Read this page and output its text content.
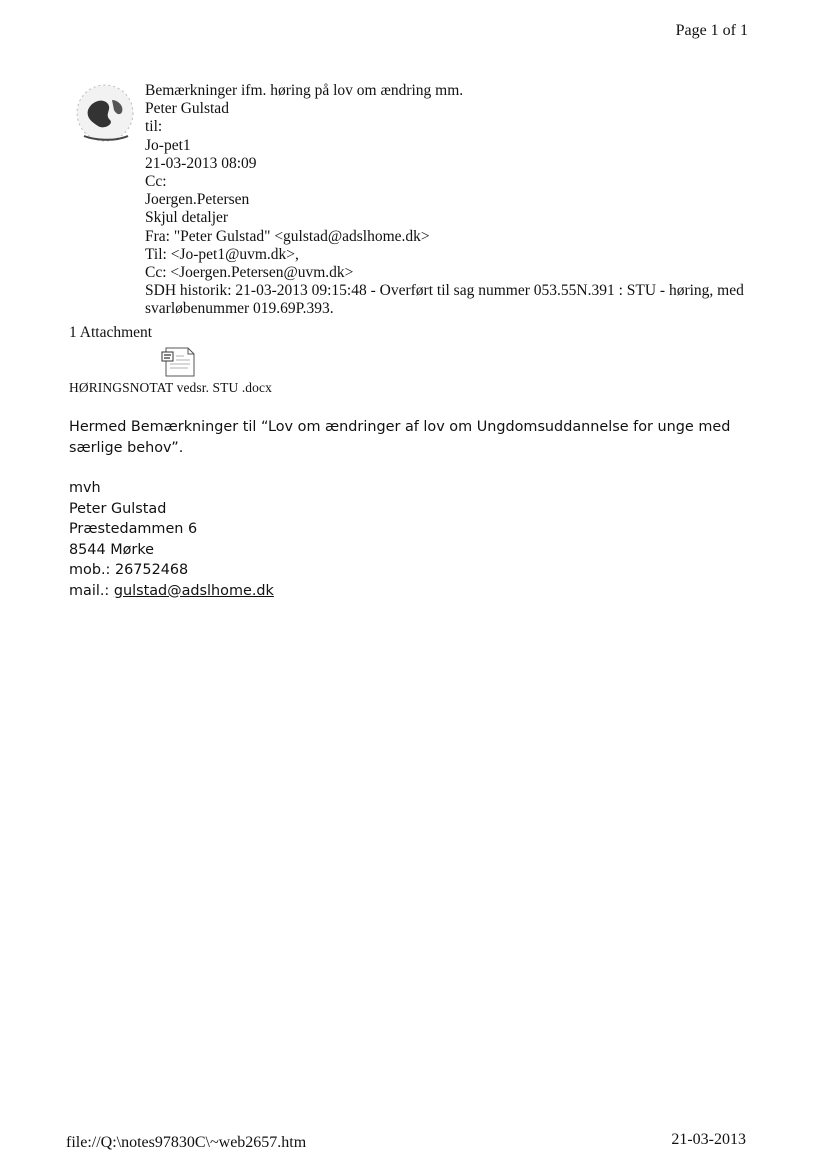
Page 1 of 1
Bemærkninger ifm. høring på lov om ændring mm.
Peter Gulstad
til:
Jo-pet1
21-03-2013 08:09
Cc:
Joergen.Petersen
Skjul detaljer
Fra: "Peter Gulstad" <gulstad@adslhome.dk>
Til: <Jo-pet1@uvm.dk>,
Cc: <Joergen.Petersen@uvm.dk>
SDH historik: 21-03-2013 09:15:48 - Overført til sag nummer 053.55N.391 : STU - høring, med svarløbenummer 019.69P.393.
1 Attachment
HØRINGSNOTAT vedsr. STU .docx

Hermed Bemærkninger til “Lov om ændringer af lov om Ungdomsuddannelse for unge med særlige behov”.

mvh

Peter Gulstad

Præstedammen 6

8544 Mørke

mob.: 26752468

mail.: gulstad@adslhome.dk

file://Q:\notes97830C\~web2657.htm	21-03-2013
